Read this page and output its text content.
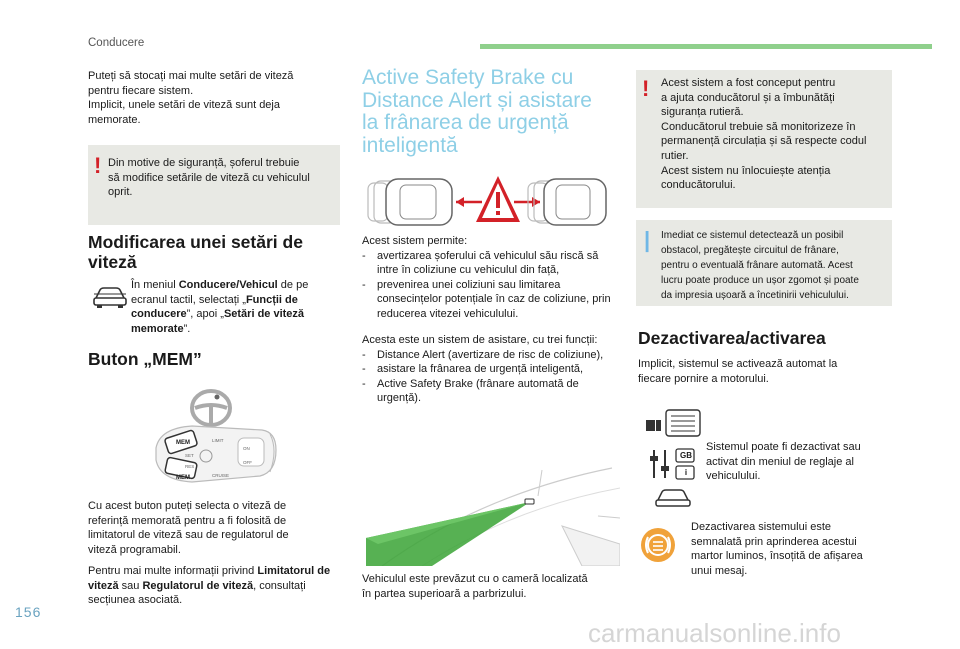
Conducere
Puteți să stocați mai multe setări de viteză
pentru fiecare sistem.
Implicit, unele setări de viteză sunt deja
memorate.
! Din motive de siguranță, șoferul trebuie
să modifice setările de viteză cu vehiculul
oprit.
Modificarea unei setări de viteză
În meniul Conducere/Vehicul de pe ecranul tactil, selectați „Funcții de conducere”, apoi „Setări de viteză memorate”.
Buton „MEM”
MEM
MEM
SET
RES
CRUISE
LIMIT
ON
OFF
Cu acest buton puteți selecta o viteză de
referință memorată pentru a fi folosită de
limitatorul de viteză sau de regulatorul de
viteză programabil.
Pentru mai multe informații privind Limitatorul de viteză sau Regulatorul de viteză, consultați secțiunea asociată.
Active Safety Brake cu
Distance Alert și asistare
la frânarea de urgență
inteligentă
Acest sistem permite:
- avertizarea șoferului că vehiculul său riscă să intre în coliziune cu vehiculul din față,
- prevenirea unei coliziuni sau limitarea consecințelor potențiale în caz de coliziune, prin reducerea vitezei vehiculului.
Acesta este un sistem de asistare, cu trei funcții:
- Distance Alert (avertizare de risc de coliziune),
- asistare la frânarea de urgență inteligentă,
- Active Safety Brake (frânare automată de urgență).
Vehiculul este prevăzut cu o cameră localizată
în partea superioară a parbrizului.
! Acest sistem a fost conceput pentru
a ajuta conducătorul și a îmbunătăți
siguranța rutieră.
Conducătorul trebuie să monitorizeze în
permanență circulația și să respecte codul
rutier.
Acest sistem nu înlocuiește atenția
conducătorului.
| Imediat ce sistemul detectează un posibil
obstacol, pregătește circuitul de frânare,
pentru o eventuală frânare automată. Acest
lucru poate produce un ușor zgomot și poate
da impresia ușoară a încetinirii vehiculului.
Dezactivarea/activarea
Implicit, sistemul se activează automat la
fiecare pornire a motorului.
GB
i
Sistemul poate fi dezactivat sau
activat din meniul de reglaje al
vehiculului.
Dezactivarea sistemului este
semnalată prin aprinderea acestui
martor luminos, însoțită de afișarea
unui mesaj.
156
carmanualsonline.info
